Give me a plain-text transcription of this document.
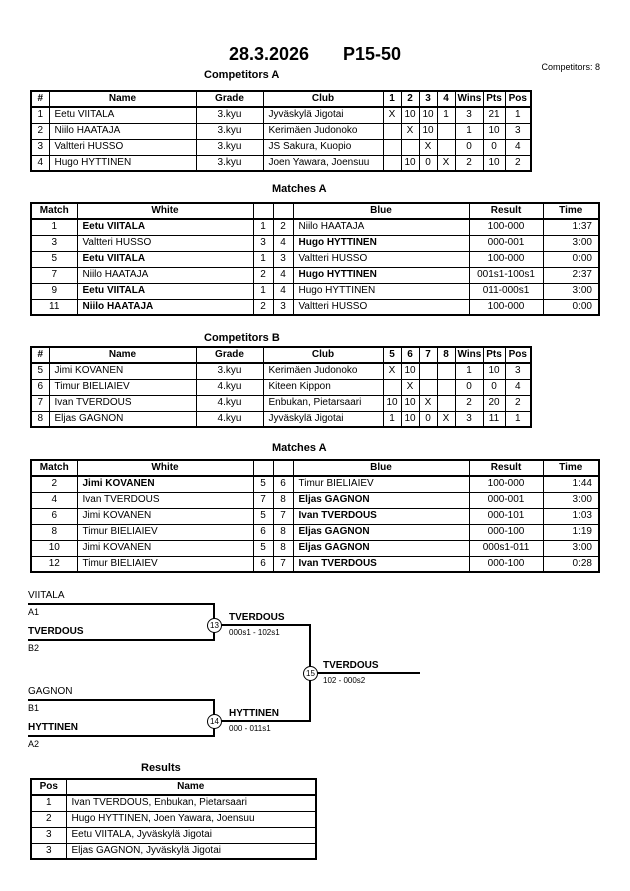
28.3.2026 P15-50
Competitors: 8
Competitors A
#	Name	Grade	Club	1	2	3	4	Wins	Pts	Pos
1	Eetu VIITALA	3.kyu	Jyväskylä Jigotai	X	10	10	1	3	21	1
2	Niilo HAATAJA	3.kyu	Kerimäen Judonoko		X	10		1	10	3
3	Valtteri HUSSO	3.kyu	JS Sakura, Kuopio			X		0	0	4
4	Hugo HYTTINEN	3.kyu	Joen Yawara, Joensuu		10	0	X	2	10	2
Matches A
Match	White			Blue	Result	Time
1	Eetu VIITALA	1	2	Niilo HAATAJA	100-000	1:37
3	Valtteri HUSSO	3	4	Hugo HYTTINEN	000-001	3:00
5	Eetu VIITALA	1	3	Valtteri HUSSO	100-000	0:00
7	Niilo HAATAJA	2	4	Hugo HYTTINEN	001s1-100s1	2:37
9	Eetu VIITALA	1	4	Hugo HYTTINEN	011-000s1	3:00
11	Niilo HAATAJA	2	3	Valtteri HUSSO	100-000	0:00
Competitors B
#	Name	Grade	Club	5	6	7	8	Wins	Pts	Pos
5	Jimi KOVANEN	3.kyu	Kerimäen Judonoko	X	10			1	10	3
6	Timur BIELIAIEV	4.kyu	Kiteen Kippon		X			0	0	4
7	Ivan TVERDOUS	4.kyu	Enbukan, Pietarsaari	10	10	X		2	20	2
8	Eljas GAGNON	4.kyu	Jyväskylä Jigotai	1	10	0	X	3	11	1
Matches A
Match	White			Blue	Result	Time
2	Jimi KOVANEN	5	6	Timur BIELIAIEV	100-000	1:44
4	Ivan TVERDOUS	7	8	Eljas GAGNON	000-001	3:00
6	Jimi KOVANEN	5	7	Ivan TVERDOUS	000-101	1:03
8	Timur BIELIAIEV	6	8	Eljas GAGNON	000-100	1:19
10	Jimi KOVANEN	5	8	Eljas GAGNON	000s1-011	3:00
12	Timur BIELIAIEV	6	7	Ivan TVERDOUS	000-100	0:28
VIITALA
A1
TVERDOUS
B2
13
TVERDOUS
000s1 - 102s1
GAGNON
B1
HYTTINEN
A2
14
HYTTINEN
000 - 011s1
15
TVERDOUS
102 - 000s2
Results
Pos	Name
1	Ivan TVERDOUS, Enbukan, Pietarsaari
2	Hugo HYTTINEN, Joen Yawara, Joensuu
3	Eetu VIITALA, Jyväskylä Jigotai
3	Eljas GAGNON, Jyväskylä Jigotai
